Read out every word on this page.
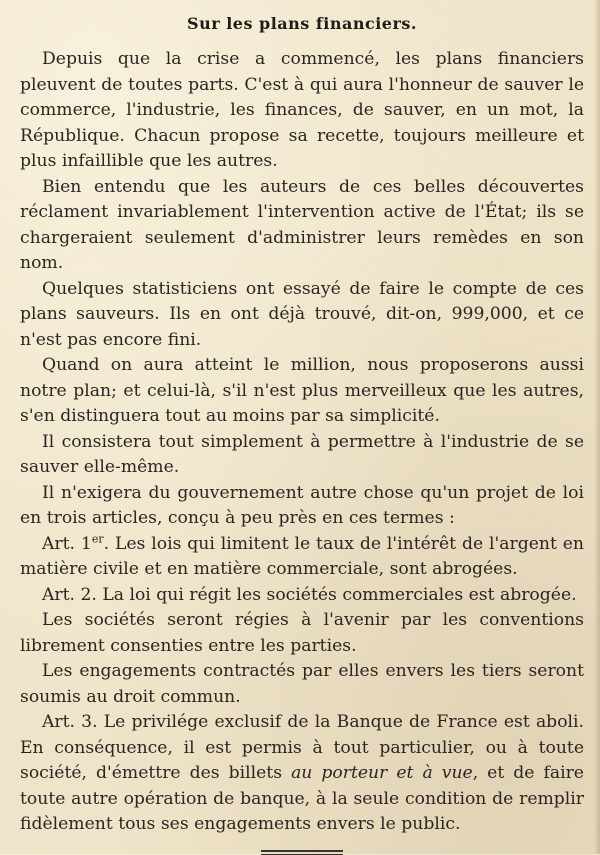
Sur les plans financiers.

Depuis que la crise a commencé, les plans financiers pleuvent de toutes parts. C'est à qui aura l'honneur de sauver le commerce, l'industrie, les finances, de sauver, en un mot, la République. Chacun propose sa recette, toujours meilleure et plus infaillible que les autres.

Bien entendu que les auteurs de ces belles découvertes réclament invariablement l'intervention active de l'État; ils se chargeraient seulement d'administrer leurs remèdes en son nom.

Quelques statisticiens ont essayé de faire le compte de ces plans sauveurs. Ils en ont déjà trouvé, dit-on, 999,000, et ce n'est pas encore fini.

Quand on aura atteint le million, nous proposerons aussi notre plan; et celui-là, s'il n'est plus merveilleux que les autres, s'en distinguera tout au moins par sa simplicité.

Il consistera tout simplement à permettre à l'industrie de se sauver elle-même.

Il n'exigera du gouvernement autre chose qu'un projet de loi en trois articles, conçu à peu près en ces termes :

Art. 1er. Les lois qui limitent le taux de l'intérêt de l'argent en matière civile et en matière commerciale, sont abrogées.

Art. 2. La loi qui régit les sociétés commerciales est abrogée.

Les sociétés seront régies à l'avenir par les conventions librement consenties entre les parties.

Les engagements contractés par elles envers les tiers seront soumis au droit commun.

Art. 3. Le privilége exclusif de la Banque de France est aboli. En conséquence, il est permis à tout particulier, ou à toute société, d'émettre des billets au porteur et à vue, et de faire toute autre opération de banque, à la seule condition de remplir fidèlement tous ses engagements envers le public.
